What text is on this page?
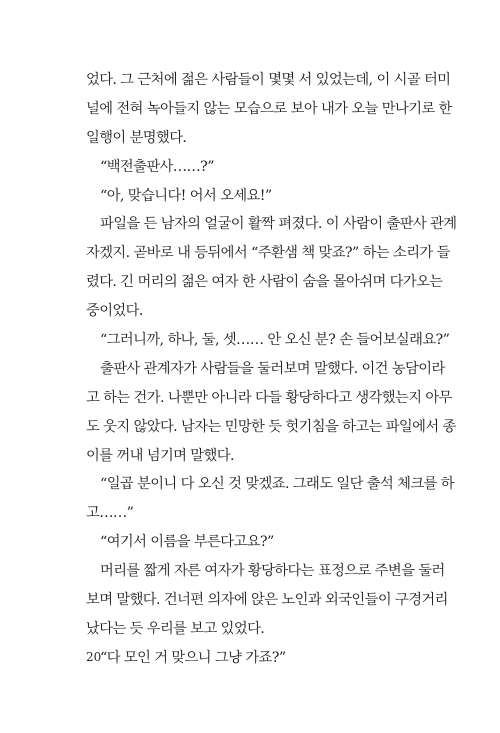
었다. 그 근처에 젊은 사람들이 몇몇 서 있었는데, 이 시골 터미
널에 전혀 녹아들지 않는 모습으로 보아 내가 오늘 만나기로 한
일행이 분명했다.
“백전출판사……?”
“아, 맞습니다! 어서 오세요!”
파일을 든 남자의 얼굴이 활짝 펴졌다. 이 사람이 출판사 관계
자겠지. 곧바로 내 등뒤에서 “주환샘 책 맞죠?” 하는 소리가 들
렸다. 긴 머리의 젊은 여자 한 사람이 숨을 몰아쉬며 다가오는
중이었다.
“그러니까, 하나, 둘, 셋…… 안 오신 분? 손 들어보실래요?”
출판사 관계자가 사람들을 둘러보며 말했다. 이건 농담이라
고 하는 건가. 나뿐만 아니라 다들 황당하다고 생각했는지 아무
도 웃지 않았다. 남자는 민망한 듯 헛기침을 하고는 파일에서 종
이를 꺼내 넘기며 말했다.
“일곱 분이니 다 오신 것 맞겠죠. 그래도 일단 출석 체크를 하
고……”
“여기서 이름을 부른다고요?”
머리를 짧게 자른 여자가 황당하다는 표정으로 주변을 둘러
보며 말했다. 건너편 의자에 앉은 노인과 외국인들이 구경거리
났다는 듯 우리를 보고 있었다.
“다 모인 거 맞으니 그냥 가죠?”
20
